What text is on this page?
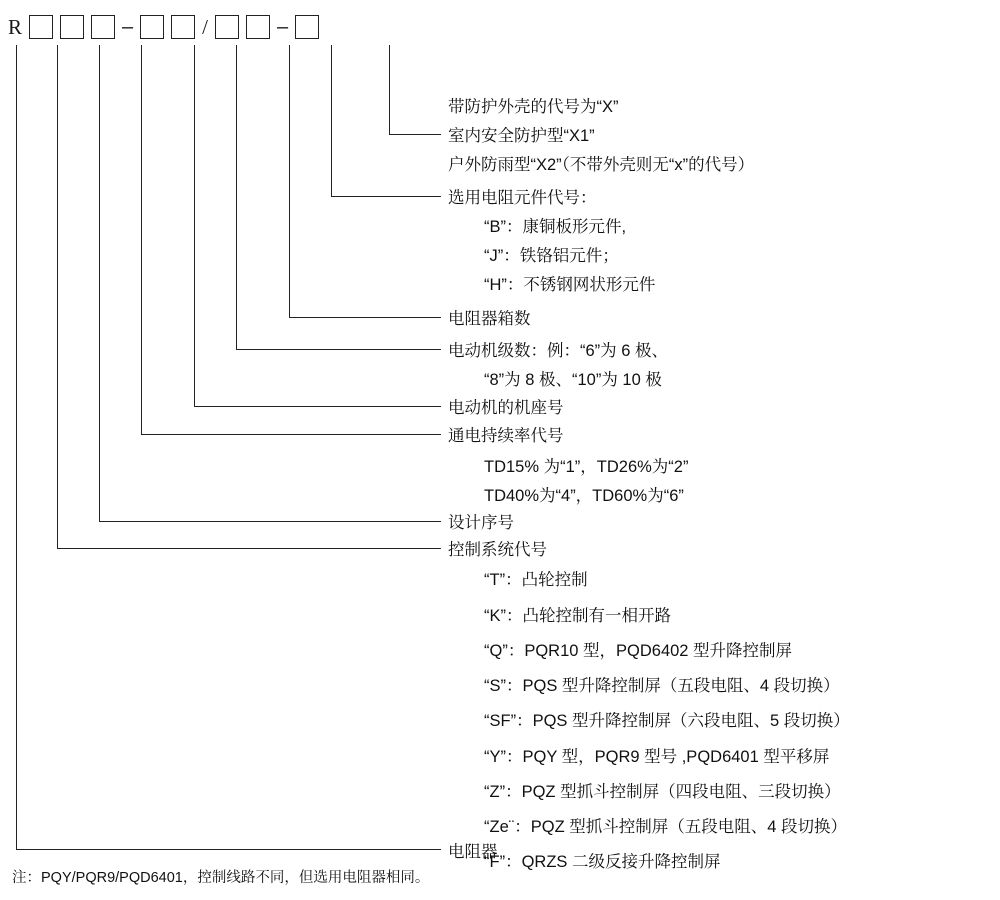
R	–	/	–
带防护外壳的代号为“X”
室内安全防护型“X1”
户外防雨型“X2”（不带外壳则无“x”的代号）
选用电阻元件代号：
“B”：康铜板形元件,
“J”：铁铬铝元件；
“H”：不锈钢网状形元件
电阻器箱数
电动机级数：例：“6”为 6 极、
“8”为 8 极、“10”为 10 极
电动机的机座号
通电持续率代号
TD15% 为“1”，TD26%为“2”
TD40%为“4”，TD60%为“6”
设计序号
控制系统代号
“T”：凸轮控制
“K”：凸轮控制有一相开路
“Q”：PQR10 型，PQD6402 型升降控制屏
“S”：PQS 型升降控制屏（五段电阻、4 段切换）
“SF”：PQS 型升降控制屏（六段电阻、5 段切换）
“Y”：PQY 型，PQR9 型号 ,PQD6401 型平移屏
“Z”：PQZ 型抓斗控制屏（四段电阻、三段切换）
“Ze¨：PQZ 型抓斗控制屏（五段电阻、4 段切换）
“F”：QRZS 二级反接升降控制屏
电阻器
注：PQY/PQR9/PQD6401，控制线路不同，但选用电阻器相同。
